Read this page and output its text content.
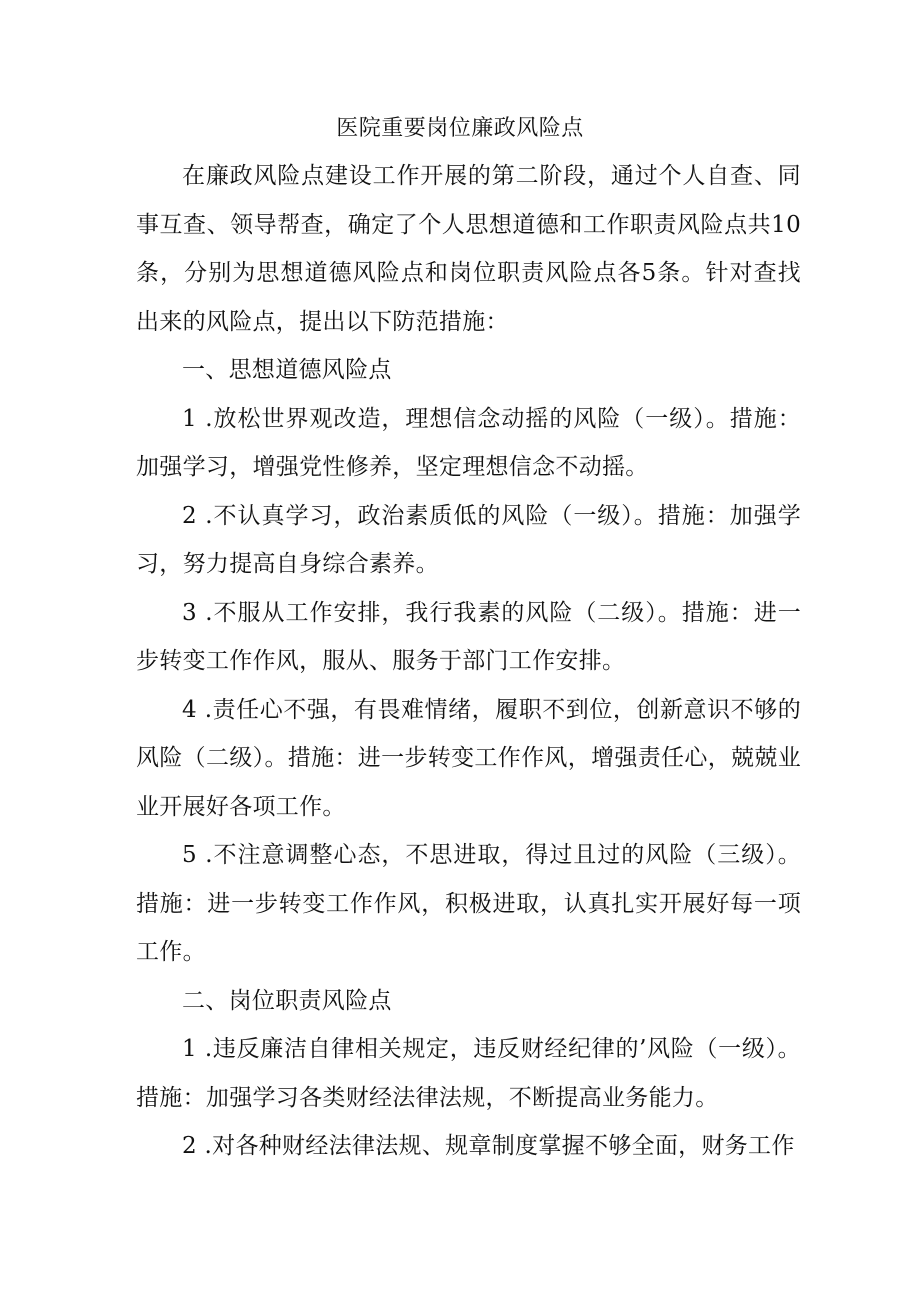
医院重要岗位廉政风险点

在廉政风险点建设工作开展的第二阶段，通过个人自查、同事互查、领导帮查，确定了个人思想道德和工作职责风险点共10条，分别为思想道德风险点和岗位职责风险点各5条。针对查找出来的风险点，提出以下防范措施：

一、思想道德风险点

1 .放松世界观改造，理想信念动摇的风险（一级）。措施：加强学习，增强党性修养，坚定理想信念不动摇。

2 .不认真学习，政治素质低的风险（一级）。措施：加强学习，努力提高自身综合素养。

3 .不服从工作安排，我行我素的风险（二级）。措施：进一步转变工作作风，服从、服务于部门工作安排。

4 .责任心不强，有畏难情绪，履职不到位，创新意识不够的风险（二级）。措施：进一步转变工作作风，增强责任心，兢兢业业开展好各项工作。

5 .不注意调整心态，不思进取，得过且过的风险（三级）。措施：进一步转变工作作风，积极进取，认真扎实开展好每一项工作。

二、岗位职责风险点

1 .违反廉洁自律相关规定，违反财经纪律的’风险（一级）。措施：加强学习各类财经法律法规，不断提高业务能力。

2 .对各种财经法律法规、规章制度掌握不够全面，财务工作
